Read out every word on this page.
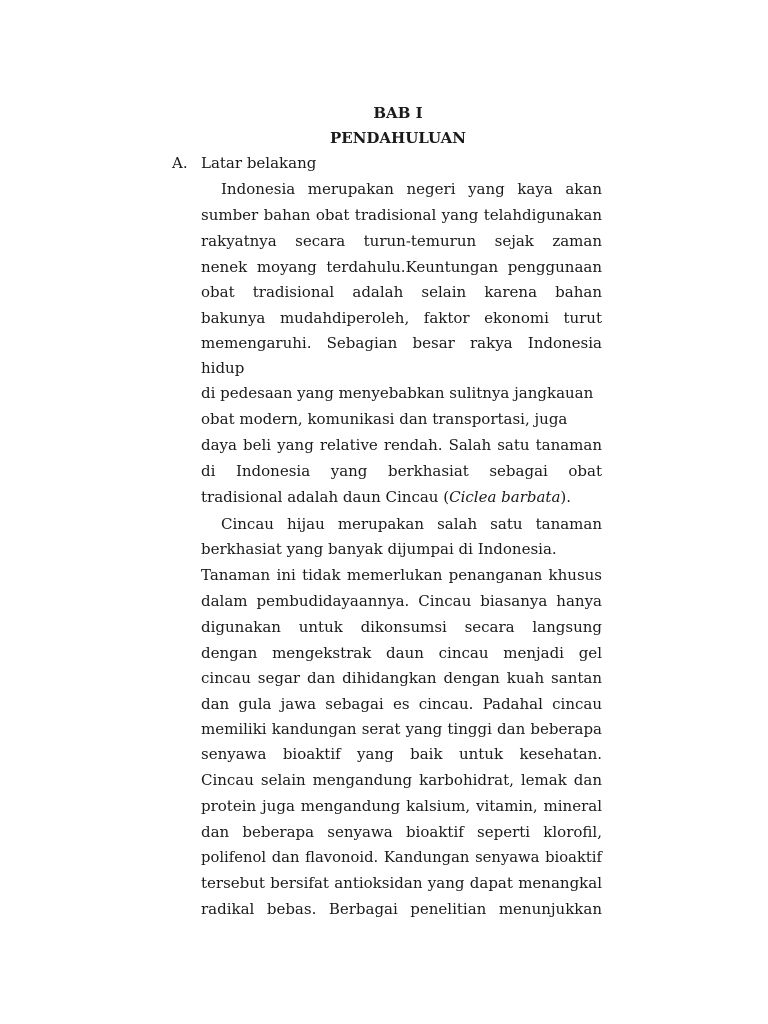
BAB I
PENDAHULUAN
A. Latar belakang
Indonesia merupakan negeri yang kaya akan
sumber bahan obat tradisional yang telahdigunakan
rakyatnya secara turun-temurun sejak zaman
nenek moyang terdahulu.Keuntungan penggunaan
obat tradisional adalah selain karena bahan
bakunya mudahdiperoleh, faktor ekonomi turut
memengaruhi. Sebagian besar rakya Indonesia
hidup
di pedesaan yang menyebabkan sulitnya jangkauan
obat modern, komunikasi dan transportasi, juga
daya beli yang relative rendah. Salah satu tanaman
di Indonesia yang berkhasiat sebagai obat
tradisional adalah daun Cincau (Ciclea barbata).
Cincau hijau merupakan salah satu tanaman
berkhasiat yang banyak dijumpai di Indonesia.
Tanaman ini tidak memerlukan penanganan khusus
dalam pembudidayaannya. Cincau biasanya hanya
digunakan untuk dikonsumsi secara langsung
dengan mengekstrak daun cincau menjadi gel
cincau segar dan dihidangkan dengan kuah santan
dan gula jawa sebagai es cincau. Padahal cincau
memiliki kandungan serat yang tinggi dan beberapa
senyawa bioaktif yang baik untuk kesehatan.
Cincau selain mengandung karbohidrat, lemak dan
protein juga mengandung kalsium, vitamin, mineral
dan beberapa senyawa bioaktif seperti klorofil,
polifenol dan flavonoid. Kandungan senyawa bioaktif
tersebut bersifat antioksidan yang dapat menangkal
radikal bebas. Berbagai penelitian menunjukkan
